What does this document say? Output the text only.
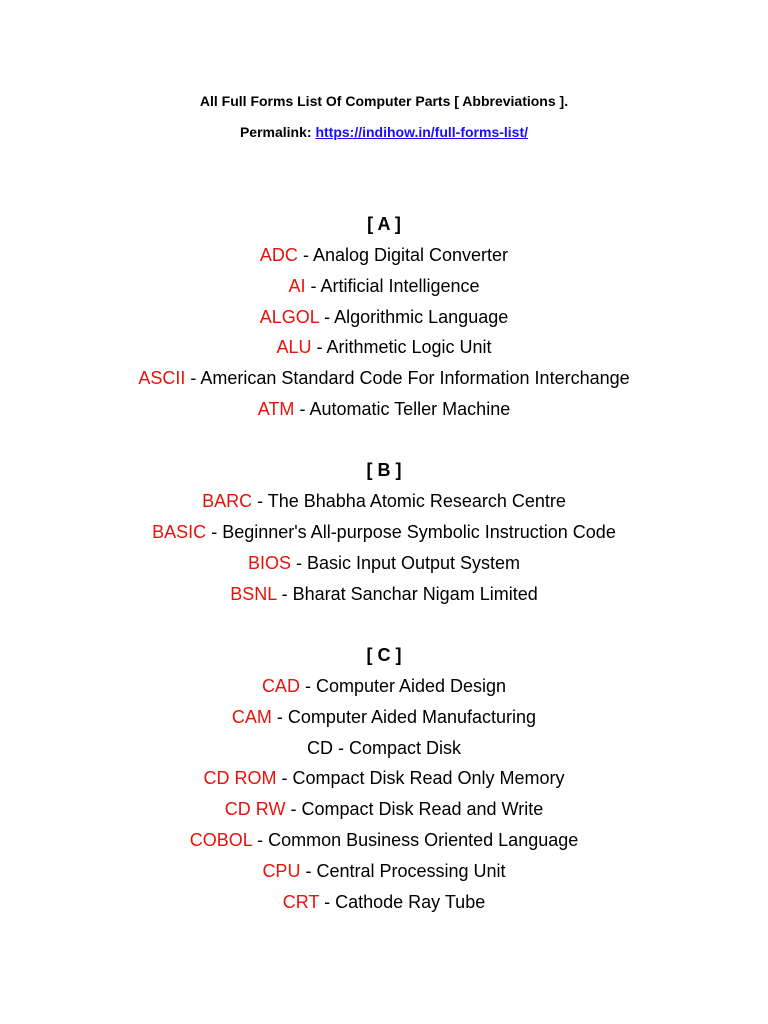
All Full Forms List Of Computer Parts [ Abbreviations ].
Permalink: https://indihow.in/full-forms-list/
[ A ]
ADC - Analog Digital Converter
AI - Artificial Intelligence
ALGOL - Algorithmic Language
ALU - Arithmetic Logic Unit
ASCII - American Standard Code For Information Interchange
ATM - Automatic Teller Machine
[ B ]
BARC - The Bhabha Atomic Research Centre
BASIC - Beginner's All-purpose Symbolic Instruction Code
BIOS - Basic Input Output System
BSNL - Bharat Sanchar Nigam Limited
[ C ]
CAD - Computer Aided Design
CAM - Computer Aided Manufacturing
CD - Compact Disk
CD ROM - Compact Disk Read Only Memory
CD RW - Compact Disk Read and Write
COBOL - Common Business Oriented Language
CPU - Central Processing Unit
CRT - Cathode Ray Tube
